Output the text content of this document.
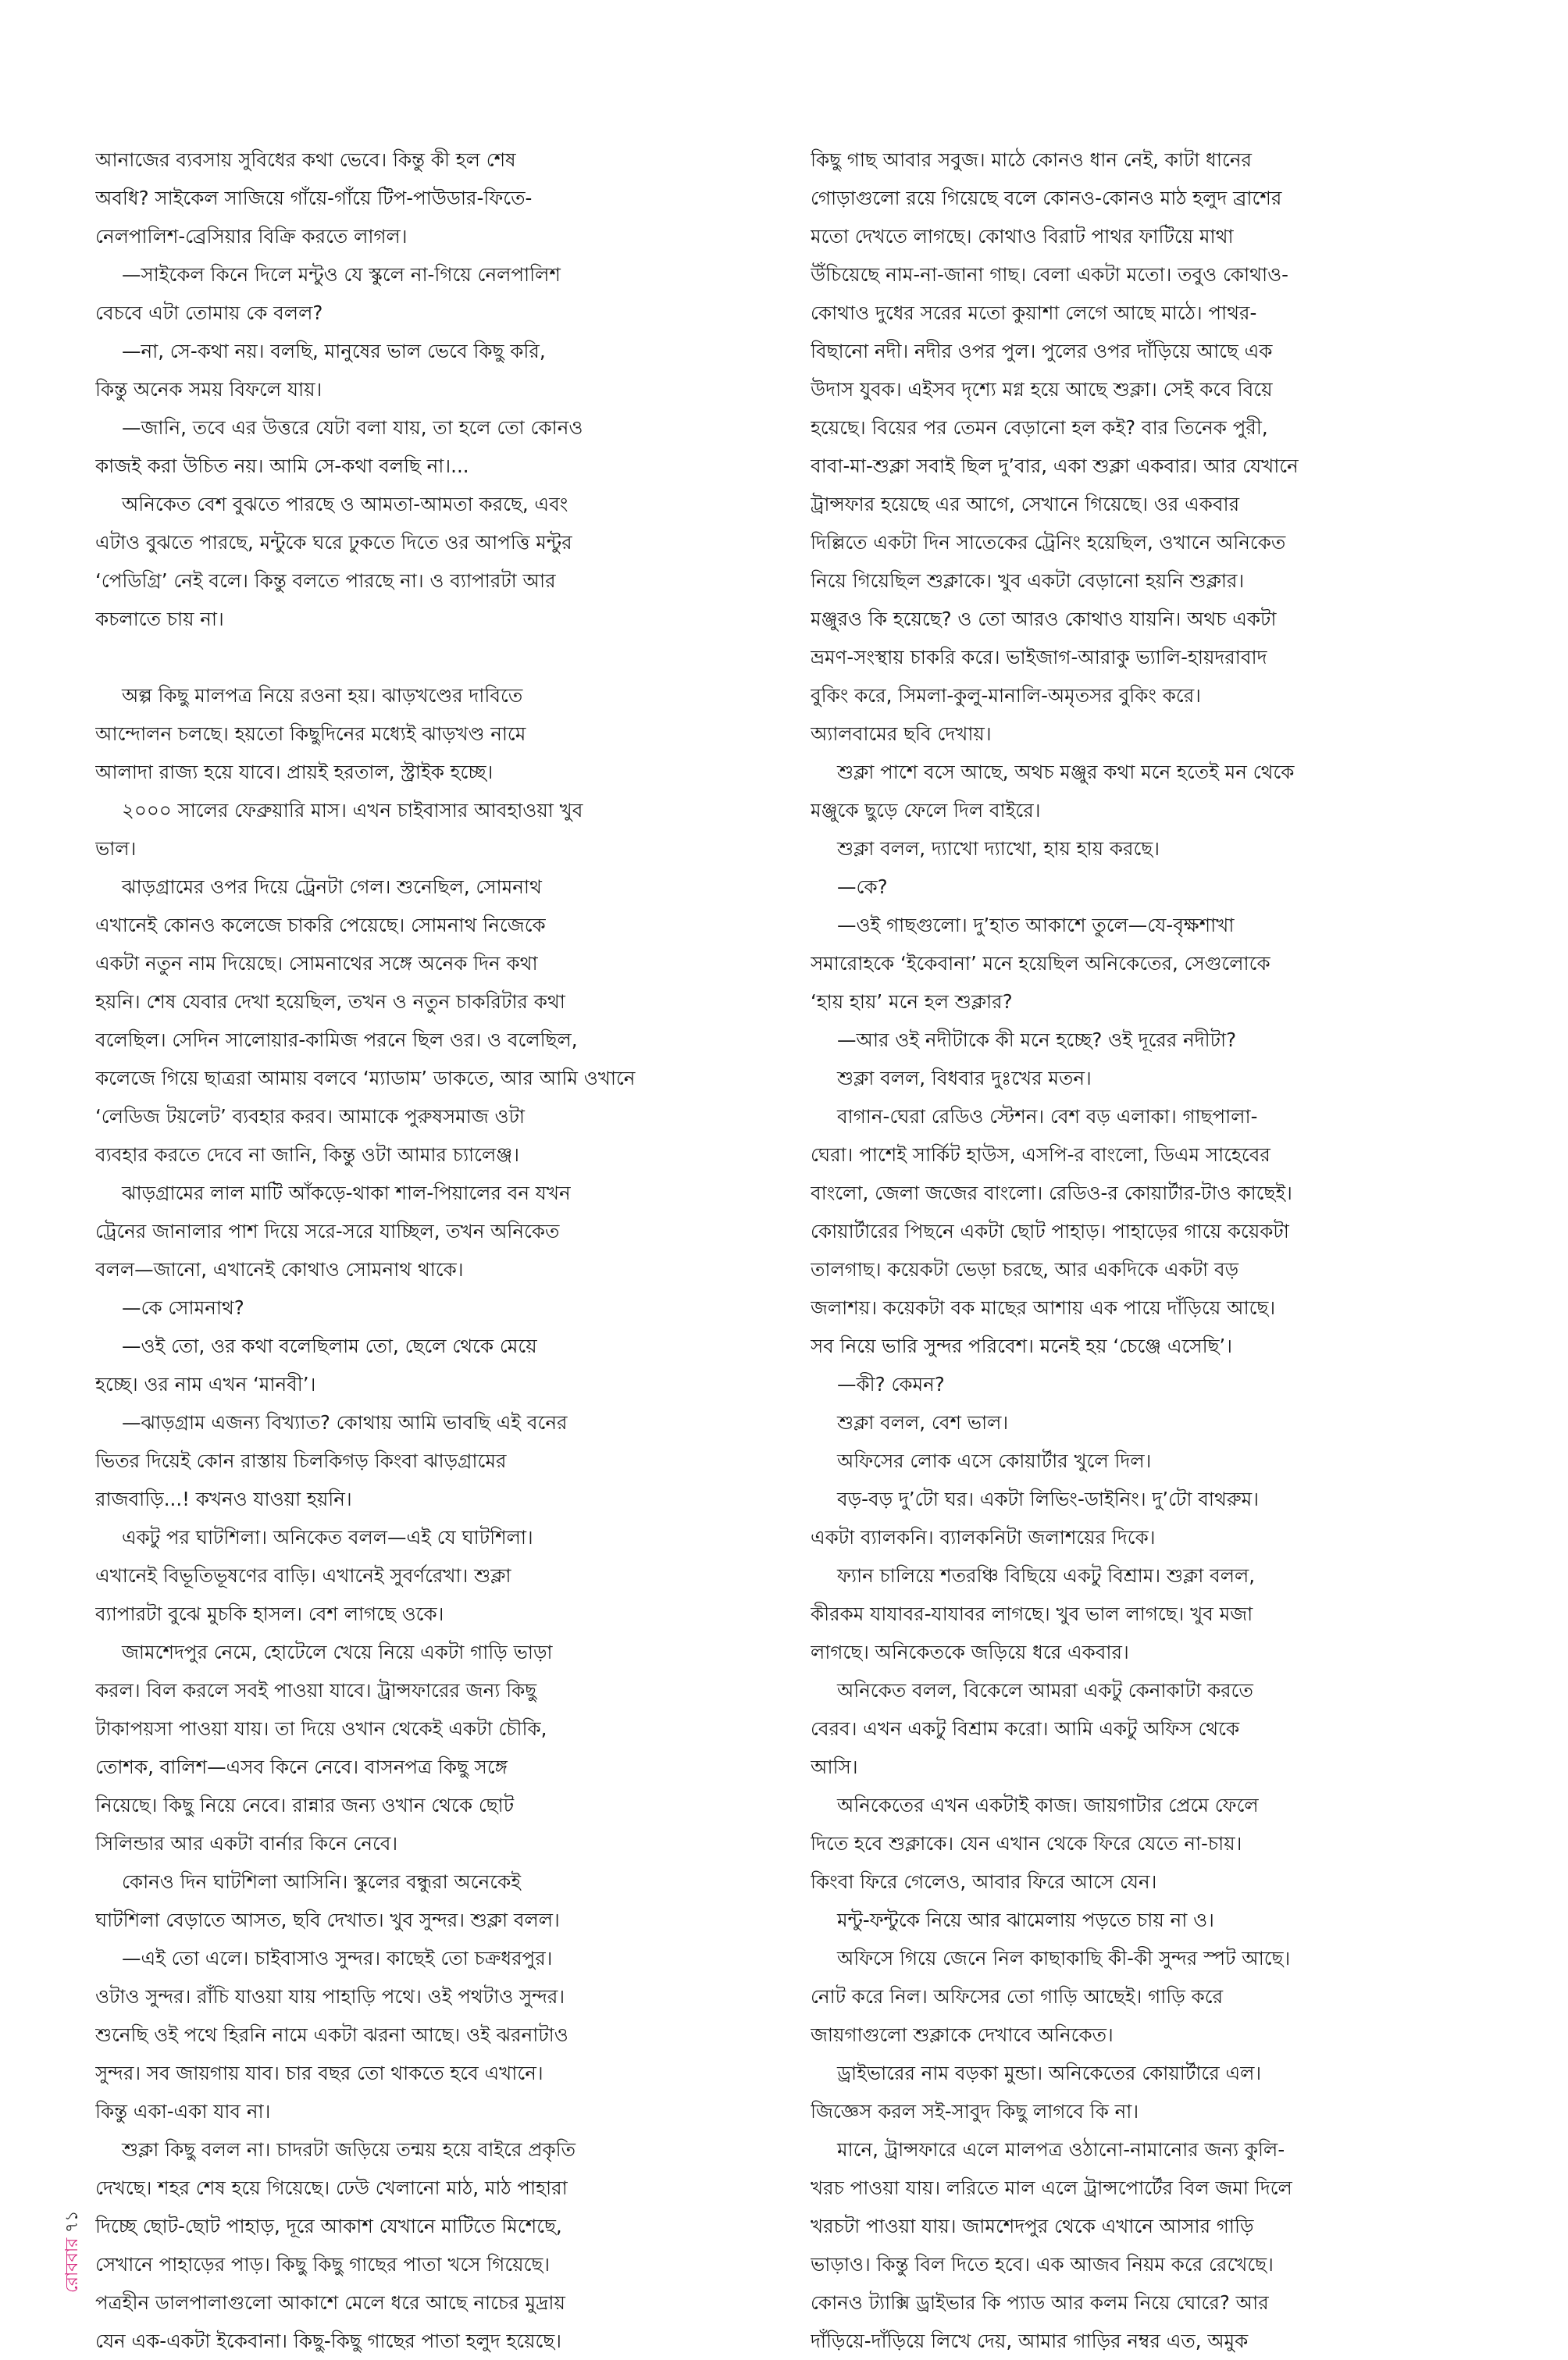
আনাজের ব্যবসায় সুবিধের কথা ভেবে। কিন্তু কী হল শেষ

অবধি? সাইকেল সাজিয়ে গাঁয়ে-গাঁয়ে টিপ-পাউডার-ফিতে-

নেলপালিশ-ব্রেসিয়ার বিক্রি করতে লাগল।

—সাইকেল কিনে দিলে মন্টুও যে স্কুলে না-গিয়ে নেলপালিশ

বেচবে এটা তোমায় কে বলল?

—না, সে-কথা নয়। বলছি, মানুষের ভাল ভেবে কিছু করি,

কিন্তু অনেক সময় বিফলে যায়।

—জানি, তবে এর উত্তরে যেটা বলা যায়, তা হলে তো কোনও

কাজই করা উচিত নয়। আমি সে-কথা বলছি না।...

অনিকেত বেশ বুঝতে পারছে ও আমতা-আমতা করছে, এবং

এটাও বুঝতে পারছে, মন্টুকে ঘরে ঢুকতে দিতে ওর আপত্তি মন্টুর

‘পেডিগ্রি’ নেই বলে। কিন্তু বলতে পারছে না। ও ব্যাপারটা আর

কচলাতে চায় না।

অল্প কিছু মালপত্র নিয়ে রওনা হয়। ঝাড়খণ্ডের দাবিতে

আন্দোলন চলছে। হয়তো কিছুদিনের মধ্যেই ঝাড়খণ্ড নামে

আলাদা রাজ্য হয়ে যাবে। প্রায়ই হরতাল, স্ট্রাইক হচ্ছে।

২০০০ সালের ফেব্রুয়ারি মাস। এখন চাইবাসার আবহাওয়া খুব

ভাল।

ঝাড়গ্রামের ওপর দিয়ে ট্রেনটা গেল। শুনেছিল, সোমনাথ

এখানেই কোনও কলেজে চাকরি পেয়েছে। সোমনাথ নিজেকে

একটা নতুন নাম দিয়েছে। সোমনাথের সঙ্গে অনেক দিন কথা

হয়নি। শেষ যেবার দেখা হয়েছিল, তখন ও নতুন চাকরিটার কথা

বলেছিল। সেদিন সালোয়ার-কামিজ পরনে ছিল ওর। ও বলেছিল,

কলেজে গিয়ে ছাত্ররা আমায় বলবে ‘ম্যাডাম’ ডাকতে, আর আমি ওখানে

‘লেডিজ টয়লেট’ ব্যবহার করব। আমাকে পুরুষসমাজ ওটা

ব্যবহার করতে দেবে না জানি, কিন্তু ওটা আমার চ্যালেঞ্জ।

ঝাড়গ্রামের লাল মাটি আঁকড়ে-থাকা শাল-পিয়ালের বন যখন

ট্রেনের জানালার পাশ দিয়ে সরে-সরে যাচ্ছিল, তখন অনিকেত

বলল—জানো, এখানেই কোথাও সোমনাথ থাকে।

—কে সোমনাথ?

—ওই তো, ওর কথা বলেছিলাম তো, ছেলে থেকে মেয়ে

হচ্ছে। ওর নাম এখন ‘মানবী’।

—ঝাড়গ্রাম এজন্য বিখ্যাত? কোথায় আমি ভাবছি এই বনের

ভিতর দিয়েই কোন রাস্তায় চিলকিগড় কিংবা ঝাড়গ্রামের

রাজবাড়ি...! কখনও যাওয়া হয়নি।

একটু পর ঘাটশিলা। অনিকেত বলল—এই যে ঘাটশিলা।

এখানেই বিভূতিভূষণের বাড়ি। এখানেই সুবর্ণরেখা। শুক্লা

ব্যাপারটা বুঝে মুচকি হাসল। বেশ লাগছে ওকে।

জামশেদপুর নেমে, হোটেলে খেয়ে নিয়ে একটা গাড়ি ভাড়া

করল। বিল করলে সবই পাওয়া যাবে। ট্রান্সফারের জন্য কিছু

টাকাপয়সা পাওয়া যায়। তা দিয়ে ওখান থেকেই একটা চৌকি,

তোশক, বালিশ—এসব কিনে নেবে। বাসনপত্র কিছু সঙ্গে

নিয়েছে। কিছু নিয়ে নেবে। রান্নার জন্য ওখান থেকে ছোট

সিলিন্ডার আর একটা বার্নার কিনে নেবে।

কোনও দিন ঘাটশিলা আসিনি। স্কুলের বন্ধুরা অনেকেই

ঘাটশিলা বেড়াতে আসত, ছবি দেখাত। খুব সুন্দর। শুক্লা বলল।

—এই তো এলে। চাইবাসাও সুন্দর। কাছেই তো চক্রধরপুর।

ওটাও সুন্দর। রাঁচি যাওয়া যায় পাহাড়ি পথে। ওই পথটাও সুন্দর।

শুনেছি ওই পথে হিরনি নামে একটা ঝরনা আছে। ওই ঝরনাটাও

সুন্দর। সব জায়গায় যাব। চার বছর তো থাকতে হবে এখানে।

কিন্তু একা-একা যাব না।

শুক্লা কিছু বলল না। চাদরটা জড়িয়ে তন্ময় হয়ে বাইরে প্রকৃতি

দেখছে। শহর শেষ হয়ে গিয়েছে। ঢেউ খেলানো মাঠ, মাঠ পাহারা

দিচ্ছে ছোট-ছোট পাহাড়, দূরে আকাশ যেখানে মাটিতে মিশেছে,

সেখানে পাহাড়ের পাড়। কিছু কিছু গাছের পাতা খসে গিয়েছে।

পত্রহীন ডালপালাগুলো আকাশে মেলে ধরে আছে নাচের মুদ্রায়

যেন এক-একটা ইকেবানা। কিছু-কিছু গাছের পাতা হলুদ হয়েছে।

কিছু গাছ আবার সবুজ। মাঠে কোনও ধান নেই, কাটা ধানের

গোড়াগুলো রয়ে গিয়েছে বলে কোনও-কোনও মাঠ হলুদ ব্রাশের

মতো দেখতে লাগছে। কোথাও বিরাট পাথর ফাটিয়ে মাথা

উঁচিয়েছে নাম-না-জানা গাছ। বেলা একটা মতো। তবুও কোথাও-

কোথাও দুধের সরের মতো কুয়াশা লেগে আছে মাঠে। পাথর-

বিছানো নদী। নদীর ওপর পুল। পুলের ওপর দাঁড়িয়ে আছে এক

উদাস যুবক। এইসব দৃশ্যে মগ্ন হয়ে আছে শুক্লা। সেই কবে বিয়ে

হয়েছে। বিয়ের পর তেমন বেড়ানো হল কই? বার তিনেক পুরী,

বাবা-মা-শুক্লা সবাই ছিল দু’বার, একা শুক্লা একবার। আর যেখানে

ট্রান্সফার হয়েছে এর আগে, সেখানে গিয়েছে। ওর একবার

দিল্লিতে একটা দিন সাতেকের ট্রেনিং হয়েছিল, ওখানে অনিকেত

নিয়ে গিয়েছিল শুক্লাকে। খুব একটা বেড়ানো হয়নি শুক্লার।

মঞ্জুরও কি হয়েছে? ও তো আরও কোথাও যায়নি। অথচ একটা

ভ্রমণ-সংস্থায় চাকরি করে। ভাইজাগ-আরাকু ভ্যালি-হায়দরাবাদ

বুকিং করে, সিমলা-কুলু-মানালি-অমৃতসর বুকিং করে।

অ্যালবামের ছবি দেখায়।

শুক্লা পাশে বসে আছে, অথচ মঞ্জুর কথা মনে হতেই মন থেকে

মঞ্জুকে ছুড়ে ফেলে দিল বাইরে।

শুক্লা বলল, দ্যাখো দ্যাখো, হায় হায় করছে।

—কে?

—ওই গাছগুলো। দু’হাত আকাশে তুলে—যে-বৃক্ষশাখা

সমারোহকে ‘ইকেবানা’ মনে হয়েছিল অনিকেতের, সেগুলোকে

‘হায় হায়’ মনে হল শুক্লার?

—আর ওই নদীটাকে কী মনে হচ্ছে? ওই দূরের নদীটা?

শুক্লা বলল, বিধবার দুঃখের মতন।

বাগান-ঘেরা রেডিও স্টেশন। বেশ বড় এলাকা। গাছপালা-

ঘেরা। পাশেই সার্কিট হাউস, এসপি-র বাংলো, ডিএম সাহেবের

বাংলো, জেলা জজের বাংলো। রেডিও-র কোয়ার্টার-টাও কাছেই।

কোয়ার্টারের পিছনে একটা ছোট পাহাড়। পাহাড়ের গায়ে কয়েকটা

তালগাছ। কয়েকটা ভেড়া চরছে, আর একদিকে একটা বড়

জলাশয়। কয়েকটা বক মাছের আশায় এক পায়ে দাঁড়িয়ে আছে।

সব নিয়ে ভারি সুন্দর পরিবেশ। মনেই হয় ‘চেঞ্জে এসেছি’।

—কী? কেমন?

শুক্লা বলল, বেশ ভাল।

অফিসের লোক এসে কোয়ার্টার খুলে দিল।

বড়-বড় দু’টো ঘর। একটা লিভিং-ডাইনিং। দু’টো বাথরুম।

একটা ব্যালকনি। ব্যালকনিটা জলাশয়ের দিকে।

ফ্যান চালিয়ে শতরঞ্চি বিছিয়ে একটু বিশ্রাম। শুক্লা বলল,

কীরকম যাযাবর-যাযাবর লাগছে। খুব ভাল লাগছে। খুব মজা

লাগছে। অনিকেতকে জড়িয়ে ধরে একবার।

অনিকেত বলল, বিকেলে আমরা একটু কেনাকাটা করতে

বেরব। এখন একটু বিশ্রাম করো। আমি একটু অফিস থেকে

আসি।

অনিকেতের এখন একটাই কাজ। জায়গাটার প্রেমে ফেলে

দিতে হবে শুক্লাকে। যেন এখান থেকে ফিরে যেতে না-চায়।

কিংবা ফিরে গেলেও, আবার ফিরে আসে যেন।

মন্টু-ফন্টুকে নিয়ে আর ঝামেলায় পড়তে চায় না ও।

অফিসে গিয়ে জেনে নিল কাছাকাছি কী-কী সুন্দর স্পট আছে।

নোট করে নিল। অফিসের তো গাড়ি আছেই। গাড়ি করে

জায়গাগুলো শুক্লাকে দেখাবে অনিকেত।

ড্রাইভারের নাম বড়কা মুন্ডা। অনিকেতের কোয়ার্টারে এল।

জিজ্ঞেস করল সই-সাবুদ কিছু লাগবে কি না।

মানে, ট্রান্সফারে এলে মালপত্র ওঠানো-নামানোর জন্য কুলি-

খরচ পাওয়া যায়। লরিতে মাল এলে ট্রান্সপোর্টের বিল জমা দিলে

খরচটা পাওয়া যায়। জামশেদপুর থেকে এখানে আসার গাড়ি

ভাড়াও। কিন্তু বিল দিতে হবে। এক আজব নিয়ম করে রেখেছে।

কোনও ট্যাক্সি ড্রাইভার কি প্যাড আর কলম নিয়ে ঘোরে? আর

দাঁড়িয়ে-দাঁড়িয়ে লিখে দেয়, আমার গাড়ির নম্বর এত, অমুক

রোববার ৭১
